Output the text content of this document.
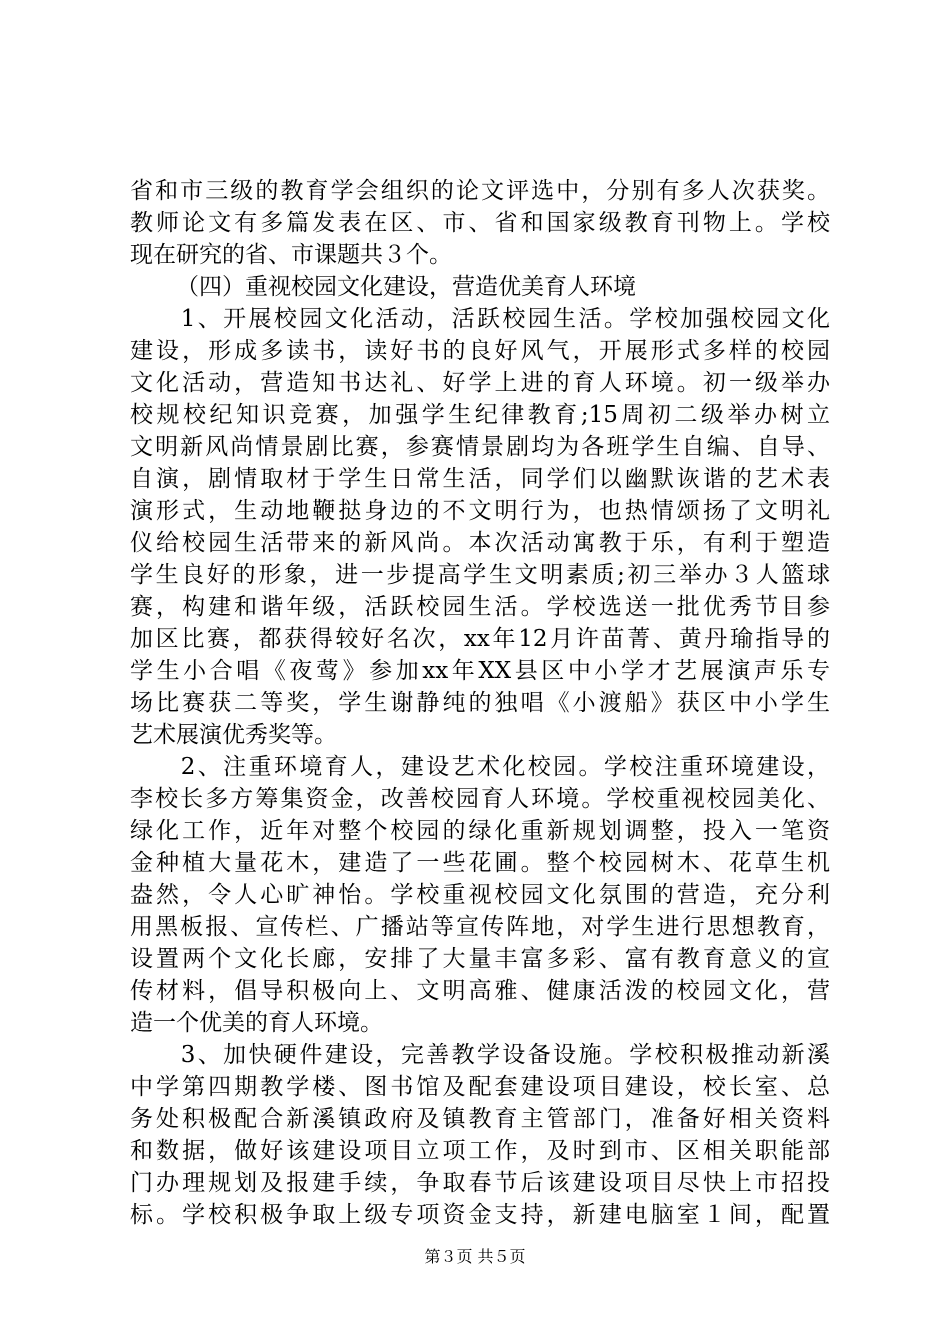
省和市三级的教育学会组织的论文评选中，分别有多人次获奖。
教师论文有多篇发表在区、市、省和国家级教育刊物上。学校
现在研究的省、市课题共３个。
（四）重视校园文化建设，营造优美育人环境
　　1、开展校园文化活动，活跃校园生活。学校加强校园文化
建设，形成多读书，读好书的良好风气，开展形式多样的校园
文化活动，营造知书达礼、好学上进的育人环境。初一级举办
校规校纪知识竞赛，加强学生纪律教育;15周初二级举办树立
文明新风尚情景剧比赛，参赛情景剧均为各班学生自编、自导、
自演，剧情取材于学生日常生活，同学们以幽默诙谐的艺术表
演形式，生动地鞭挞身边的不文明行为，也热情颂扬了文明礼
仪给校园生活带来的新风尚。本次活动寓教于乐，有利于塑造
学生良好的形象，进一步提高学生文明素质;初三举办３人篮球
赛，构建和谐年级，活跃校园生活。学校选送一批优秀节目参
加区比赛，都获得较好名次，xx年12月许苗菁、黄丹瑜指导的
学生小合唱《夜莺》参加xx年XX县区中小学才艺展演声乐专
场比赛获二等奖，学生谢静纯的独唱《小渡船》获区中小学生
艺术展演优秀奖等。
　　2、注重环境育人，建设艺术化校园。学校注重环境建设，
李校长多方筹集资金，改善校园育人环境。学校重视校园美化、
绿化工作，近年对整个校园的绿化重新规划调整，投入一笔资
金种植大量花木，建造了一些花圃。整个校园树木、花草生机
盎然，令人心旷神怡。学校重视校园文化氛围的营造，充分利
用黑板报、宣传栏、广播站等宣传阵地，对学生进行思想教育，
设置两个文化长廊，安排了大量丰富多彩、富有教育意义的宣
传材料，倡导积极向上、文明高雅、健康活泼的校园文化，营
造一个优美的育人环境。
　　3、加快硬件建设，完善教学设备设施。学校积极推动新溪
中学第四期教学楼、图书馆及配套建设项目建设，校长室、总
务处积极配合新溪镇政府及镇教育主管部门，准备好相关资料
和数据，做好该建设项目立项工作，及时到市、区相关职能部
门办理规划及报建手续，争取春节后该建设项目尽快上市招投
标。学校积极争取上级专项资金支持，新建电脑室１间，配置
第３页 共５页
